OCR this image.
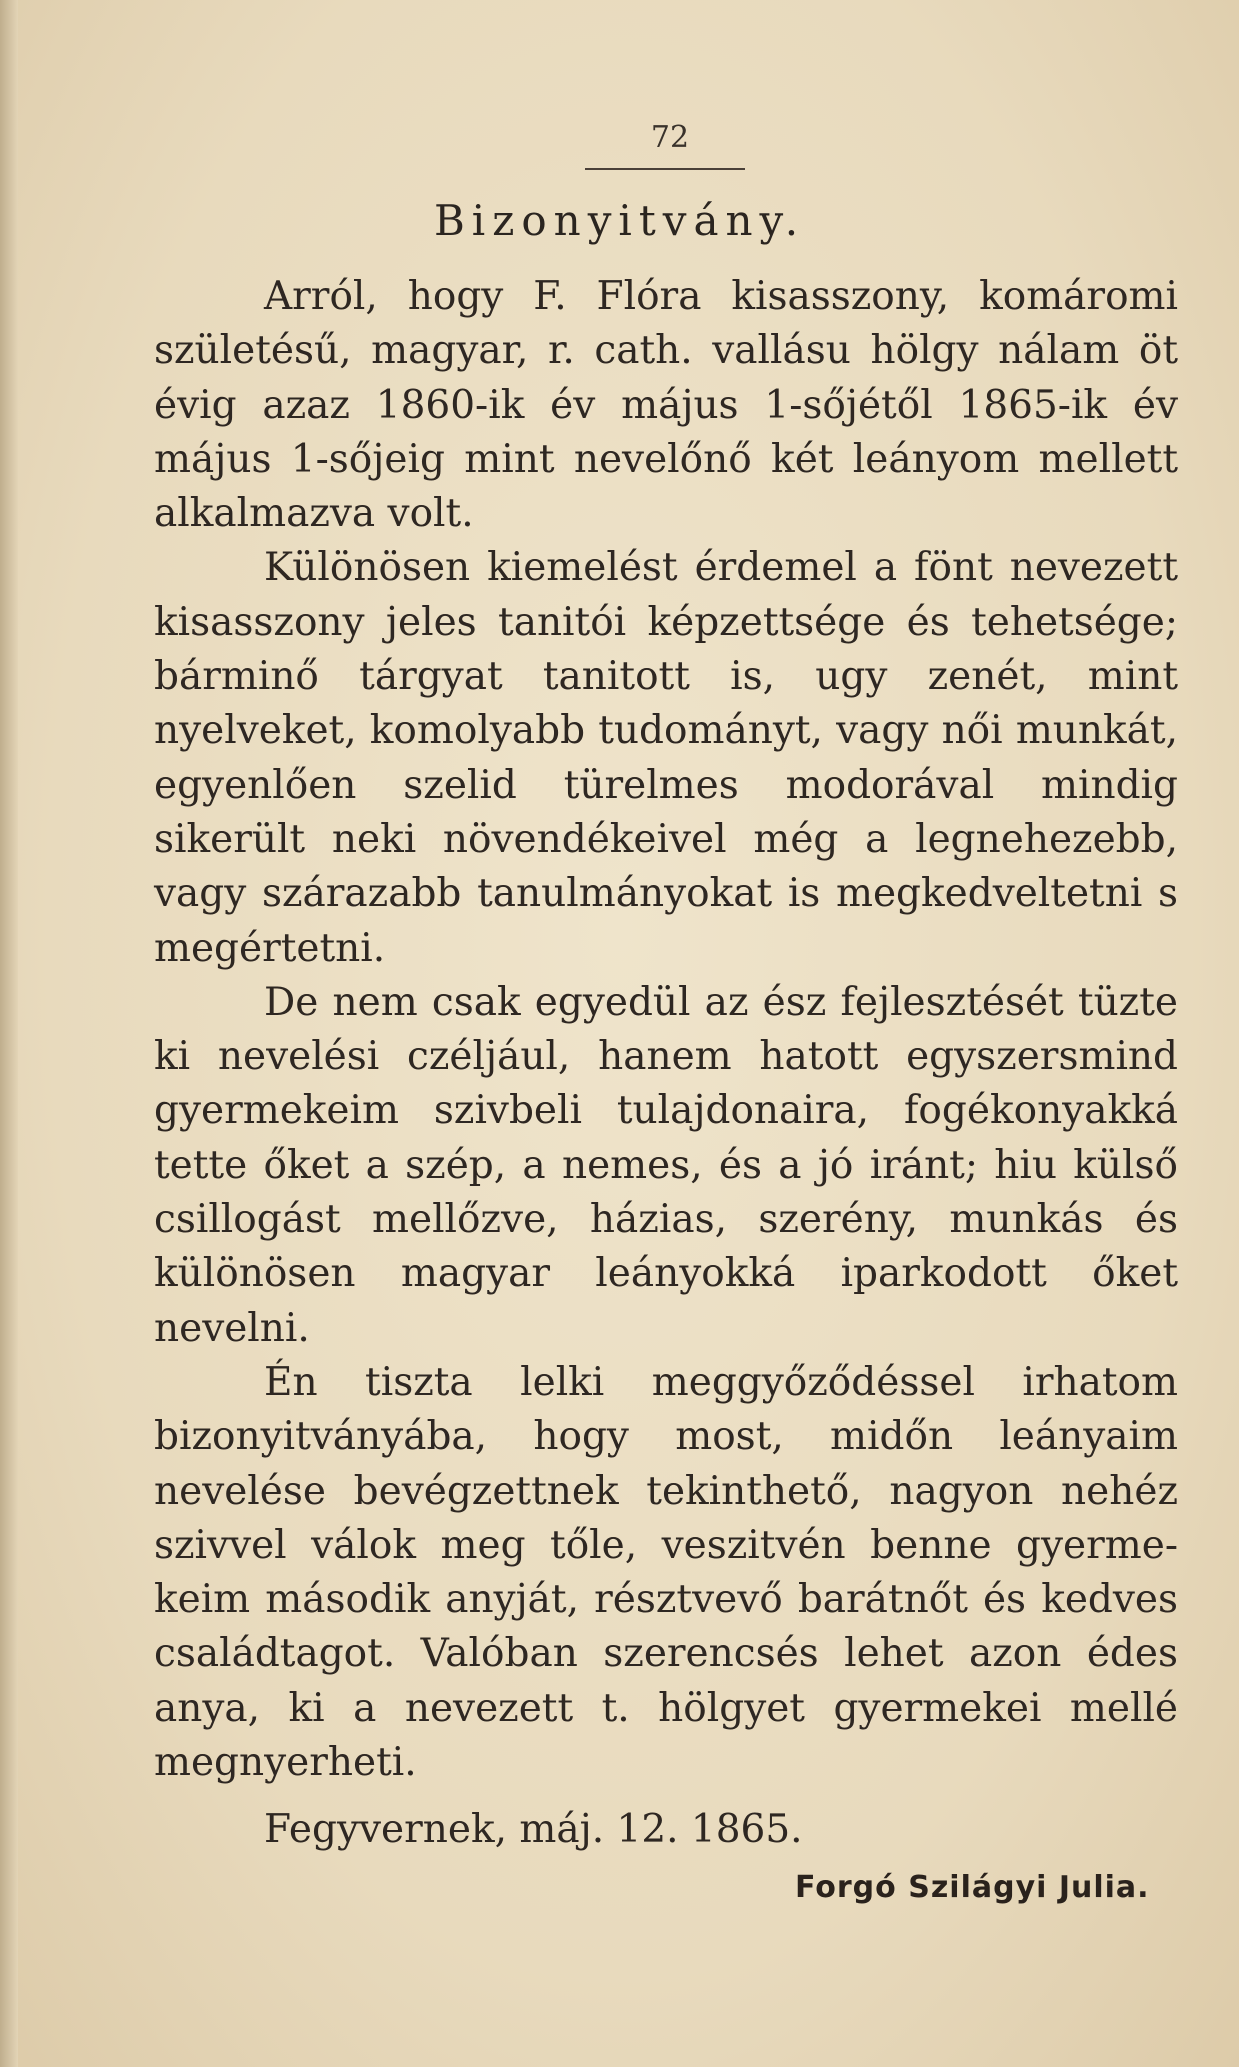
72
Bizonyitvány.

Arról, hogy F. Flóra kisasszony, komáromi születésű, magyar, r. cath. vallásu hölgy nálam öt évig azaz 1860-ik év május 1-sőjétől 1865-ik év május 1-sőjeig mint nevelőnő két leányom mellett alkalmazva volt.

Különösen kiemelést érdemel a fönt nevezett kisasszony jeles tanitói képzettsége és tehetsége; bárminő tárgyat tanitott is, ugy zenét, mint nyelveket, komolyabb tudományt, vagy női munkát, egyenlően szelid türelmes modorával mindig sikerült neki növendékeivel még a legnehezebb, vagy szárazabb tanulmányokat is megkedveltetni s megértetni.

De nem csak egyedül az ész fejlesztését tüzte ki nevelési czéljául, hanem hatott egyszersmind gyermekeim szivbeli tulajdonaira, fogékonyakká tette őket a szép, a nemes, és a jó iránt; hiu külső csillogást mellőzve, házias, szerény, munkás és különösen magyar leányokká iparkodott őket nevelni.

Én tiszta lelki meggyőződéssel irhatom bizonyitványába, hogy most, midőn leányaim nevelése bevégzettnek tekinthető, nagyon nehéz szivvel válok meg tőle, veszitvén benne gyermekeim második anyját, résztvevő barátnőt és kedves családtagot. Valóban szerencsés lehet azon édes anya, ki a nevezett t. hölgyet gyermekei mellé megnyerheti.

Fegyvernek, máj. 12. 1865.
Forgó Szilágyi Julia.
